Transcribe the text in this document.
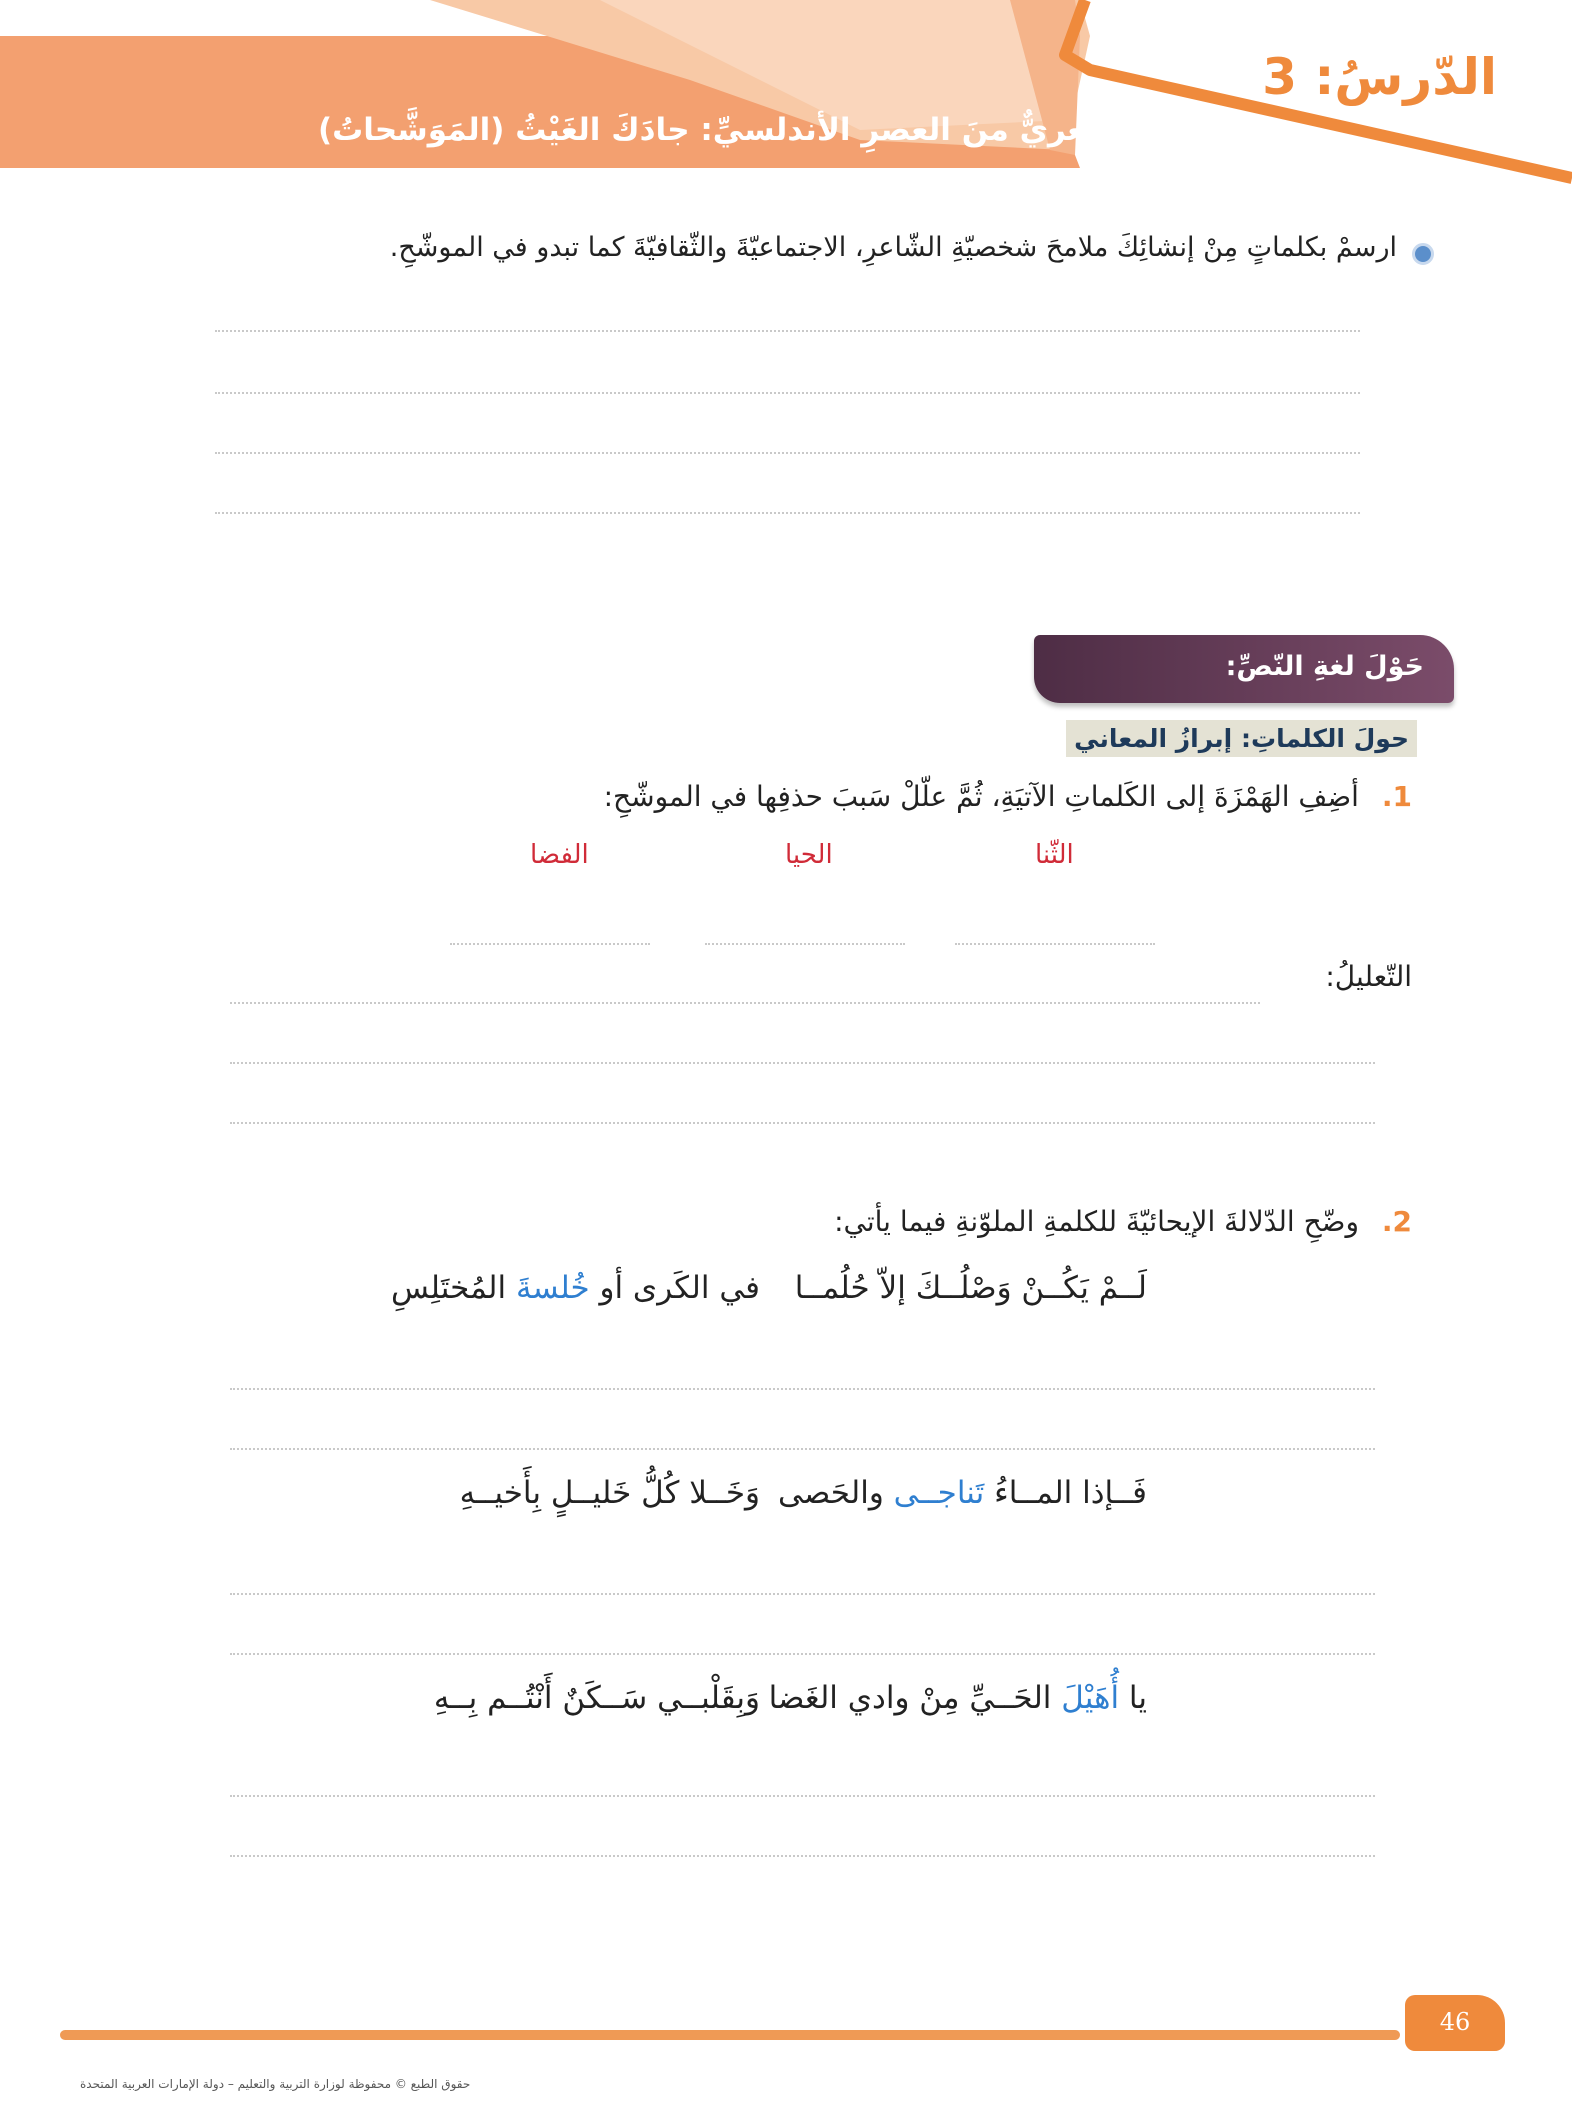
الدّرسُ: 3
نصٌّ شعريٌّ منَ العصرِ الأندلسيِّ: جادَكَ الغَيْثُ (المَوَشَّحاتُ)
ارسمْ بكلماتٍ مِنْ إنشائِكَ ملامحَ شخصيّةِ الشّاعرِ، الاجتماعيّةَ والثّقافيّةَ كما تبدو في الموشّحِ.
حَوْلَ لغةِ النّصِّ:
حولَ الكلماتِ: إبرازُ المعاني
1. أضِفِ الهَمْزَةَ إلى الكَلماتِ الآتيَةِ، ثُمَّ علّلْ سَببَ حذفِها في الموشّحِ:
الثّنا
الحيا
الفضا
التّعليلُ:
2. وضّحِ الدّلالةَ الإيحائيّةَ للكلمةِ الملوّنةِ فيما يأتي:
لَــمْ يَكُــنْ وَصْلُــكَ إلاّ حُلُمــا
في الكَرى أو خُلسةَ المُختَلِسِ
فَــإذا المــاءُ تَناجــى والحَصى
وَخَــلا كُلُّ خَليــلٍ بِأَخيــهِ
يا أُهَيْلَ الحَــيِّ مِنْ وادي الغَضا
وَبِقَلْبــي سَــكَنٌ أَنْتُــم بِــهِ
46
حقوق الطبع © محفوظة لوزارة التربية والتعليم – دولة الإمارات العربية المتحدة
